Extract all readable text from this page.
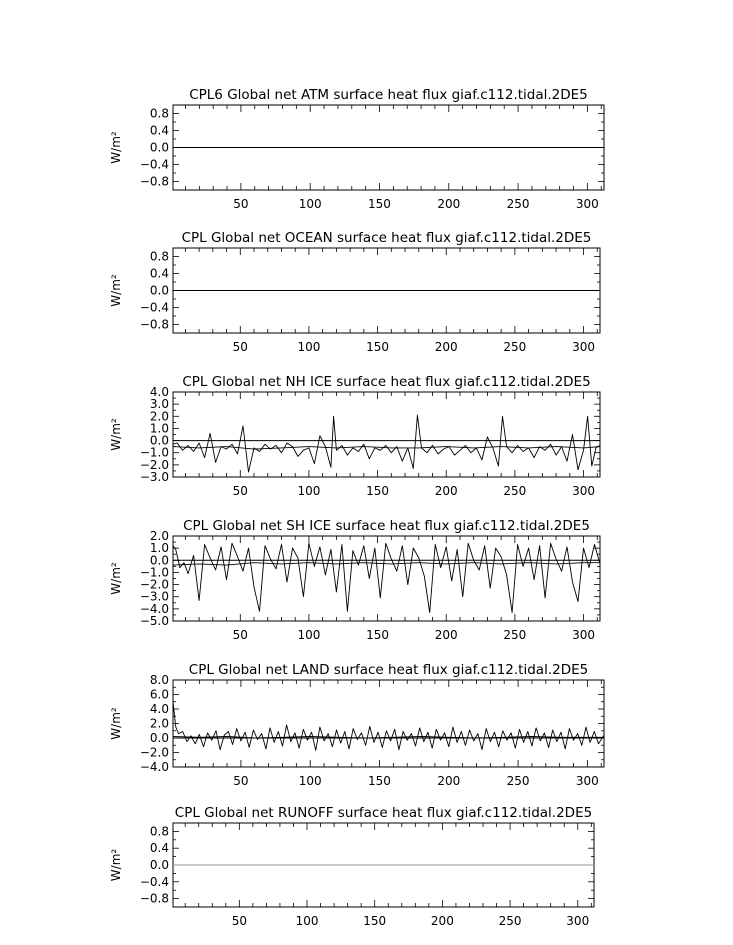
CPL6 Global net ATM surface heat flux giaf.c112.tidal.2DE5
50	100	150	200	250	300
0.8
0.4
0.0
−0.4
−0.8
W/m²
CPL Global net OCEAN surface heat flux giaf.c112.tidal.2DE5
50	100	150	200	250	300
0.8
0.4
0.0
−0.4
−0.8
W/m²
CPL Global net NH ICE surface heat flux giaf.c112.tidal.2DE5
50	100	150	200	250	300
4.0
3.0
2.0
1.0
0.0
−1.0
−2.0
−3.0
W/m²
CPL Global net SH ICE surface heat flux giaf.c112.tidal.2DE5
50	100	150	200	250	300
2.0
1.0
0.0
−1.0
−2.0
−3.0
−4.0
−5.0
W/m²
CPL Global net LAND surface heat flux giaf.c112.tidal.2DE5
50	100	150	200	250	300
8.0
6.0
4.0
2.0
0.0
−2.0
−4.0
W/m²
CPL Global net RUNOFF surface heat flux giaf.c112.tidal.2DE5
50	100	150	200	250	300
0.8
0.4
0.0
−0.4
−0.8
W/m²
